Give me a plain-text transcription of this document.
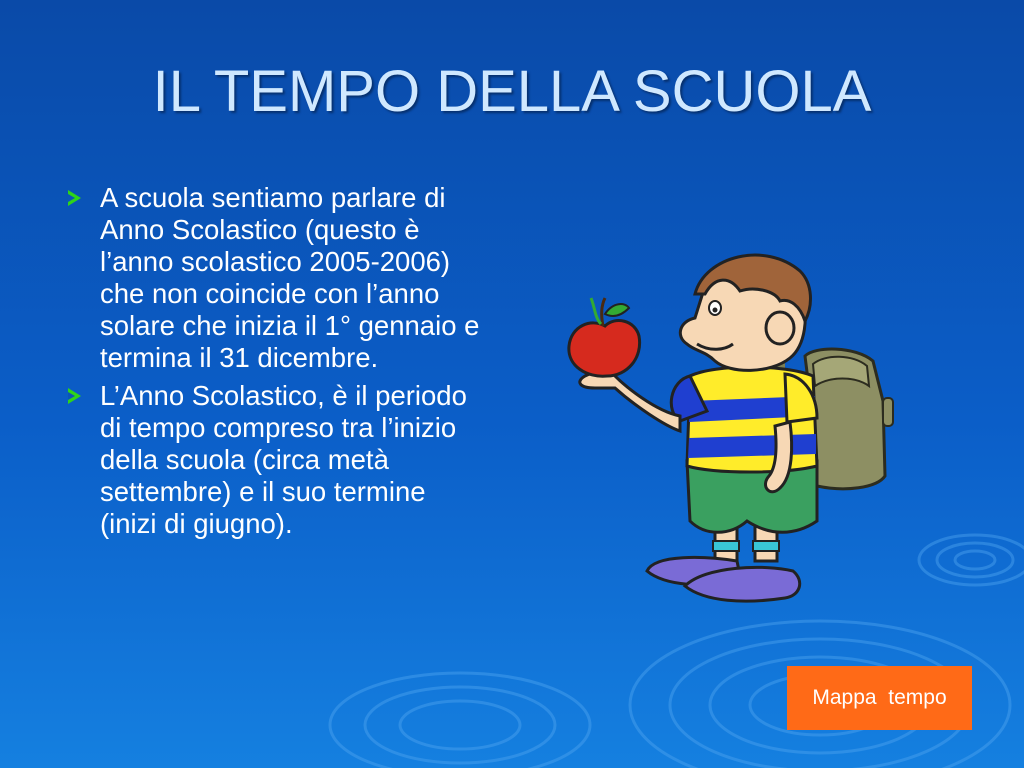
IL TEMPO DELLA SCUOLA
A scuola sentiamo parlare di Anno Scolastico (questo è l’anno scolastico 2005-2006) che non coincide con l’anno solare che inizia il 1° gennaio e termina il 31 dicembre.
L’Anno Scolastico, è il periodo di tempo compreso tra l’inizio della scuola (circa metà settembre) e il suo termine (inizi di giugno).
Mappa  tempo
